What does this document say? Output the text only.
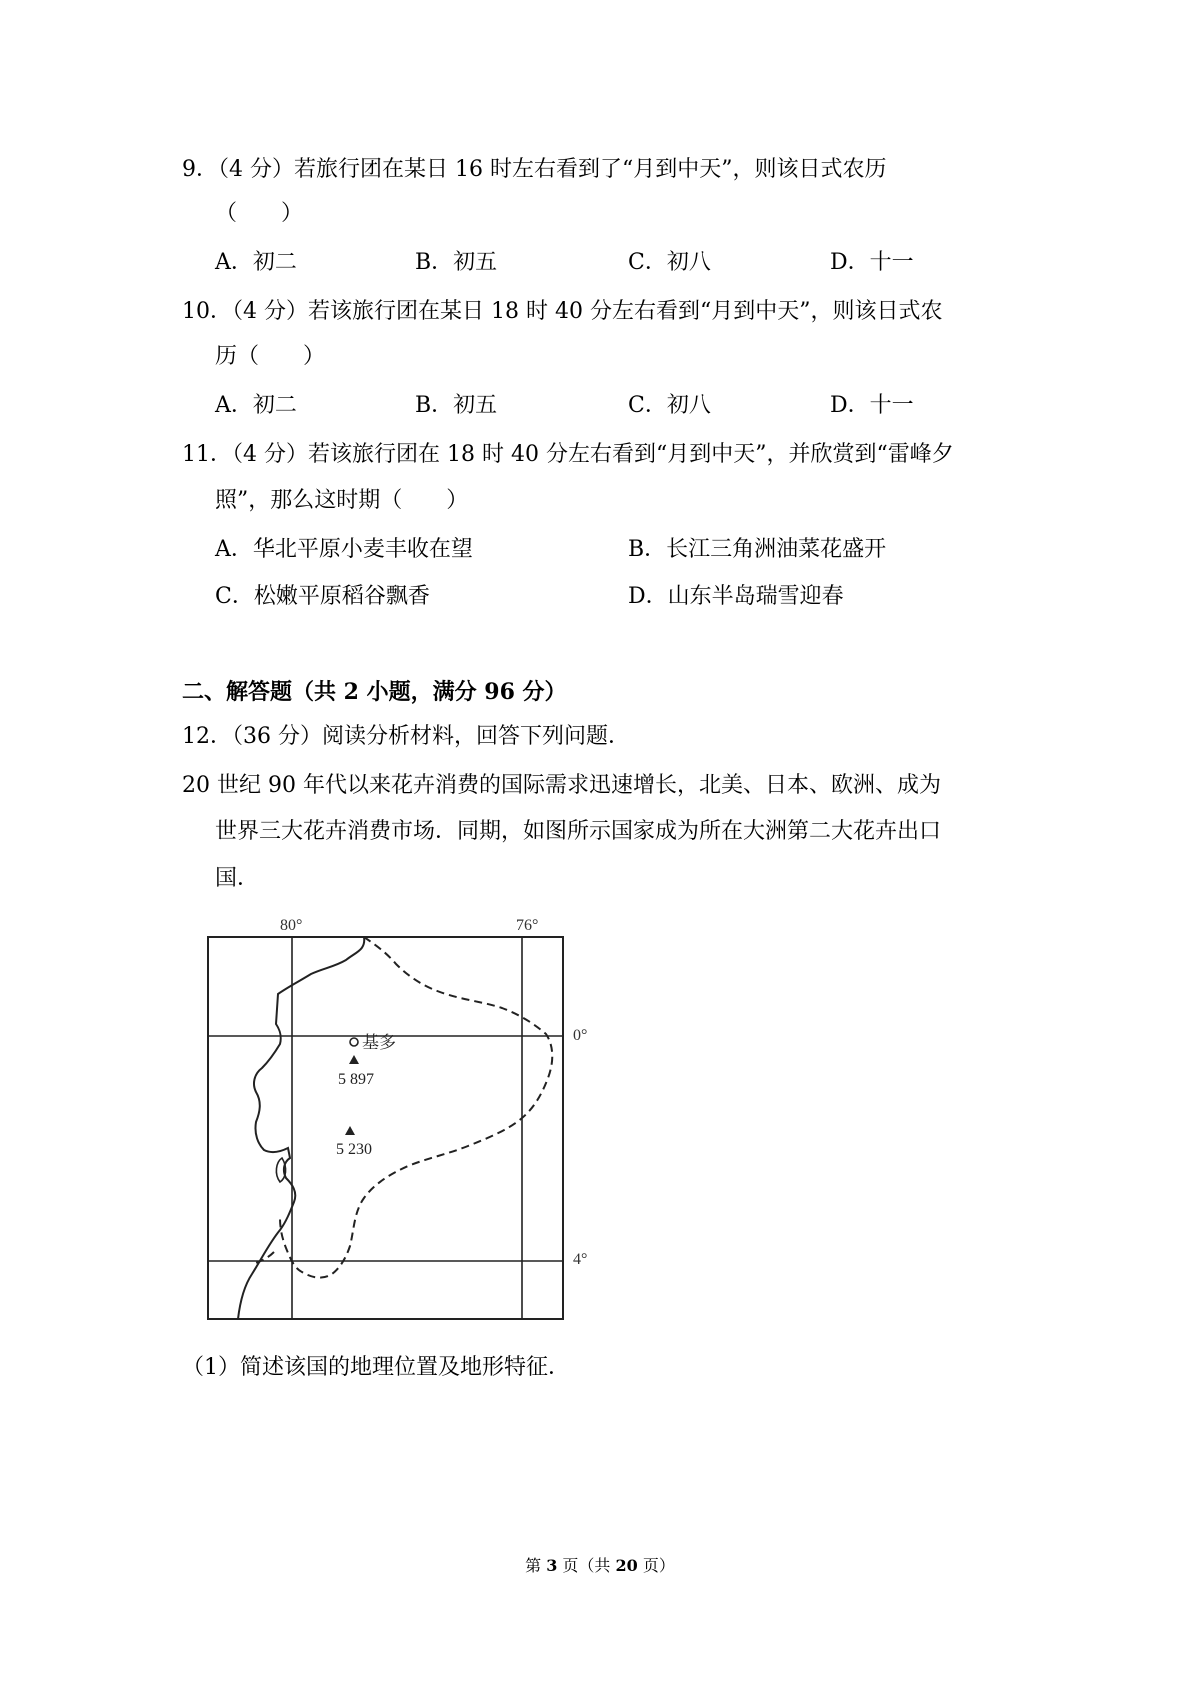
9．（4 分）若旅行团在某日 16 时左右看到了“月到中天”，则该日式农历
（　　）
A．初二	B．初五	C．初八	D．十一
10．（4 分）若该旅行团在某日 18 时 40 分左右看到“月到中天”，则该日式农
历（　　）
A．初二	B．初五	C．初八	D．十一
11．（4 分）若该旅行团在 18 时 40 分左右看到“月到中天”，并欣赏到“雷峰夕
照”，那么这时期（　　）
A．华北平原小麦丰收在望	B．长江三角洲油菜花盛开
C．松嫩平原稻谷飘香	D．山东半岛瑞雪迎春
二、解答题（共 2 小题，满分 96 分）
12．（36 分）阅读分析材料，回答下列问题．
20 世纪 90 年代以来花卉消费的国际需求迅速增长，北美、日本、欧洲、成为
世界三大花卉消费市场．同期，如图所示国家成为所在大洲第二大花卉出口
国．
80°	76°
0°
4°
基多
5 897
5 230
（1）简述该国的地理位置及地形特征．
第 3 页（共 20 页）
